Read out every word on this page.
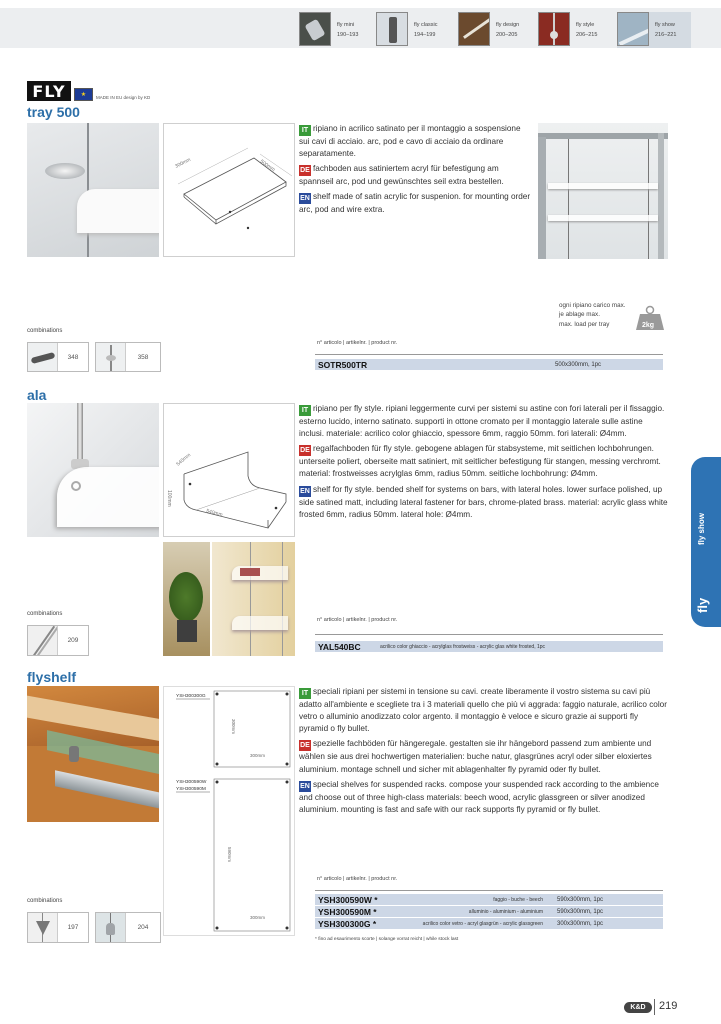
fly mini
190–193
fly classic
194–199
fly design
200–205
fly style
206–215
fly show
216–221
FLY	★	MADE IN EU design by KD
tray 500
300mm	500mm

IT ripiano in acrilico satinato per il montaggio a sospensione sui cavi di acciaio. arc, pod e cavo di acciaio da ordinare separatamente.

DE fachboden aus satiniertem acryl für befestigung am spannseil arc, pod und gewünschtes seil extra bestellen.

EN shelf made of satin acrylic for suspenion. for mounting order arc, pod and wire extra.

ogni ripiano carico max.
je ablage max.
max. load per tray	2kg
combinations
348	358
n° articolo | artikelnr. | product nr.
SOTR500TR	500x300mm, 1pc
ala
540mm
100mm
540mm

IT ripiano per fly style. ripiani leggermente curvi per sistemi su astine con fori laterali per il fissaggio. esterno lucido, interno satinato. supporti in ottone cromato per il montaggio laterale sulle astine inclusi. materiale: acrilico color ghiaccio, spessore 6mm, raggio 50mm. fori laterali: Ø4mm.

DE regalfachboden für fly style. gebogene ablagen für stabsysteme, mit seitlichen lochbohrungen. unterseite poliert, oberseite matt satiniert, mit seitlicher befestigung für stangen, messing verchromt. material: frostweisses acrylglas 6mm, radius 50mm. seitliche lochbohrung: Ø4mm.

EN shelf for fly style. bended shelf for systems on bars, with lateral holes. lower surface polished, up side satined matt, including lateral fastener for bars, chrome-plated brass. material: acrylic glass white frosted 6mm, radius 50mm. lateral hole: Ø4mm.

combinations
209
n° articolo | artikelnr. | product nr.
YAL540BC	acrilico color ghiaccio - acrylglas frostweiss - acrylic glas white frosted, 1pc
flyshelf
YSH300300G
300mm
300mm
YSH300590W
YSH300590M
590mm
300mm

IT speciali ripiani per sistemi in tensione su cavi. create liberamente il vostro sistema su cavi più adatto all'ambiente e scegliete tra i 3 materiali quello che più vi aggrada: faggio naturale, acrilico color vetro o alluminio anodizzato color argento. il montaggio è veloce e sicuro grazie ai supporti fly pyramid o fly bullet.

DE spezielle fachböden für hängeregale. gestalten sie ihr hängebord passend zum ambiente und wählen sie aus drei hochwertigen materialien: buche natur, glasgrünes acryl oder silber eloxiertes aluminium. montage schnell und sicher mit ablagenhalter fly pyramid oder fly bullet.

EN special shelves for suspended racks. compose your suspended rack according to the ambience and choose out of three high-class materials: beech wood, acrylic glassgreen or silver anodized aluminium. mounting is fast and safe with our rack supports fly pyramid or fly bullet.

combinations
197	204
n° articolo | artikelnr. | product nr.
YSH300590W *	faggio - buche - beech	590x300mm, 1pc
YSH300590M *	alluminio - aluminium - aluminium	590x300mm, 1pc
YSH300300G *	acrilico color vetro - acryl glasgrün - acrylic glassgreen	300x300mm, 1pc
* fino ad esaurimento scorte | solange vorrat reicht | while stock last
fly show
fly
K&D	219
